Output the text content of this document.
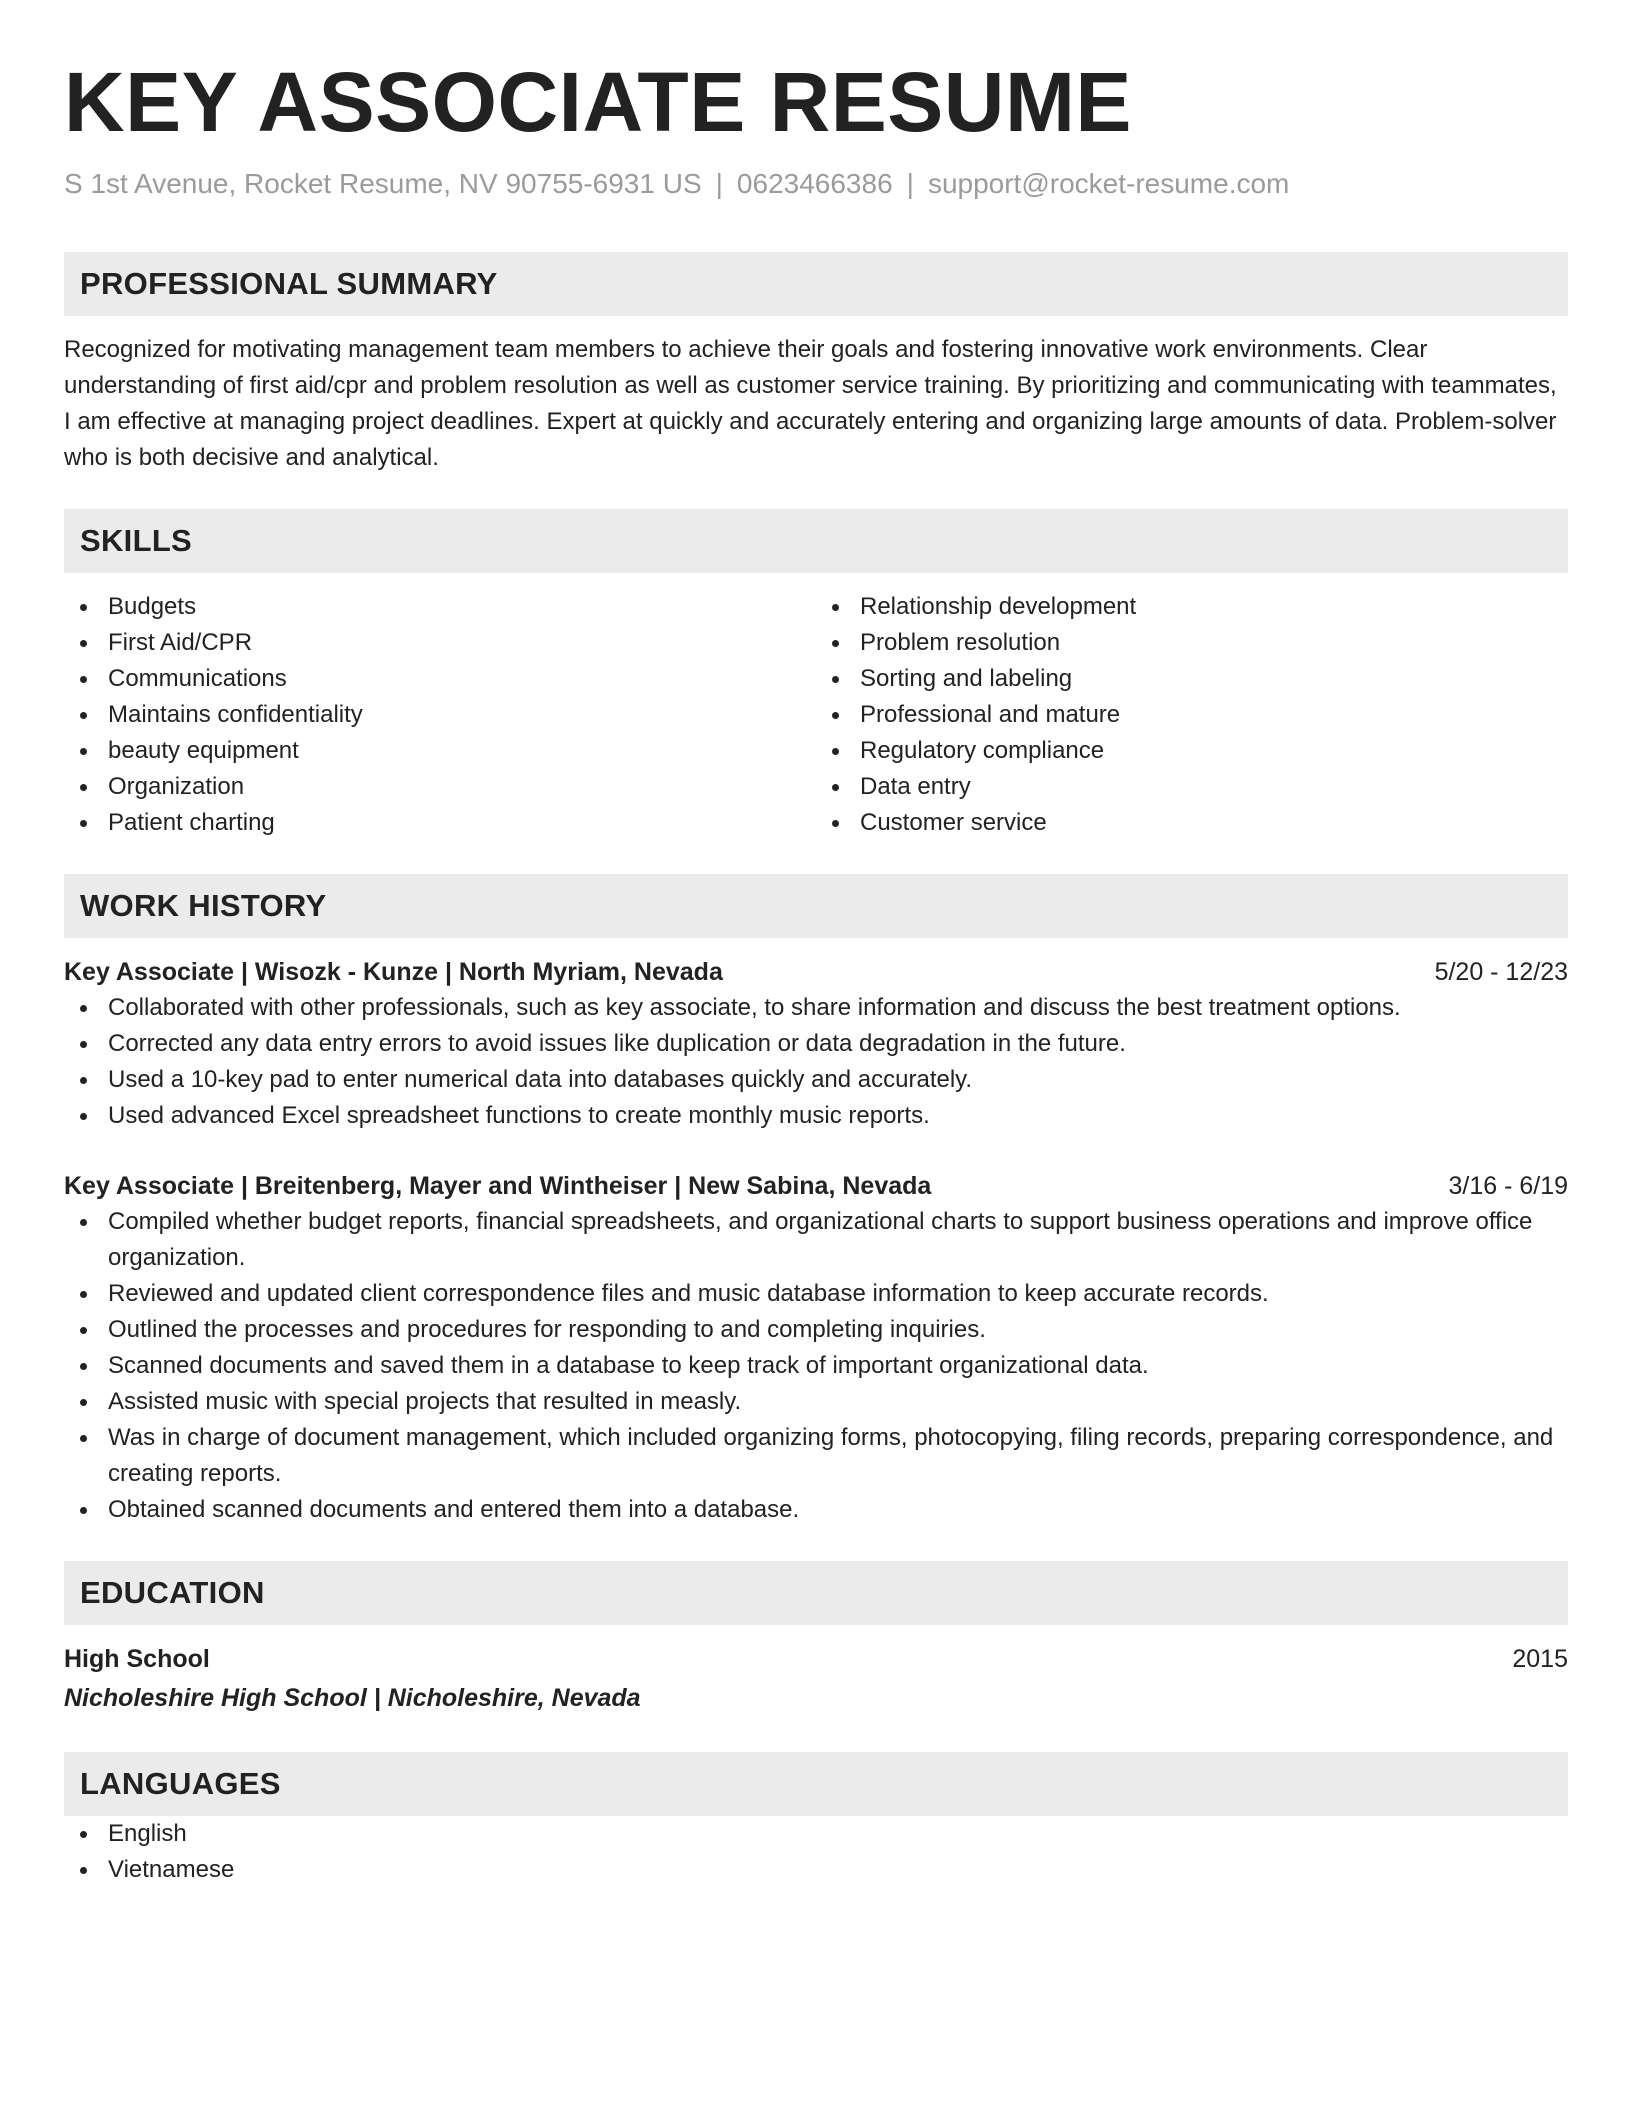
KEY ASSOCIATE RESUME
S 1st Avenue, Rocket Resume, NV 90755-6931 US | 0623466386 | support@rocket-resume.com
PROFESSIONAL SUMMARY
Recognized for motivating management team members to achieve their goals and fostering innovative work environments. Clear understanding of first aid/cpr and problem resolution as well as customer service training. By prioritizing and communicating with teammates, I am effective at managing project deadlines. Expert at quickly and accurately entering and organizing large amounts of data. Problem-solver who is both decisive and analytical.
SKILLS
Budgets
First Aid/CPR
Communications
Maintains confidentiality
beauty equipment
Organization
Patient charting
Relationship development
Problem resolution
Sorting and labeling
Professional and mature
Regulatory compliance
Data entry
Customer service
WORK HISTORY
Key Associate | Wisozk - Kunze | North Myriam, Nevada	5/20 - 12/23
Collaborated with other professionals, such as key associate, to share information and discuss the best treatment options.
Corrected any data entry errors to avoid issues like duplication or data degradation in the future.
Used a 10-key pad to enter numerical data into databases quickly and accurately.
Used advanced Excel spreadsheet functions to create monthly music reports.
Key Associate | Breitenberg, Mayer and Wintheiser | New Sabina, Nevada	3/16 - 6/19
Compiled whether budget reports, financial spreadsheets, and organizational charts to support business operations and improve office organization.
Reviewed and updated client correspondence files and music database information to keep accurate records.
Outlined the processes and procedures for responding to and completing inquiries.
Scanned documents and saved them in a database to keep track of important organizational data.
Assisted music with special projects that resulted in measly.
Was in charge of document management, which included organizing forms, photocopying, filing records, preparing correspondence, and creating reports.
Obtained scanned documents and entered them into a database.
EDUCATION
High School	2015
Nicholeshire High School | Nicholeshire, Nevada
LANGUAGES
English
Vietnamese
